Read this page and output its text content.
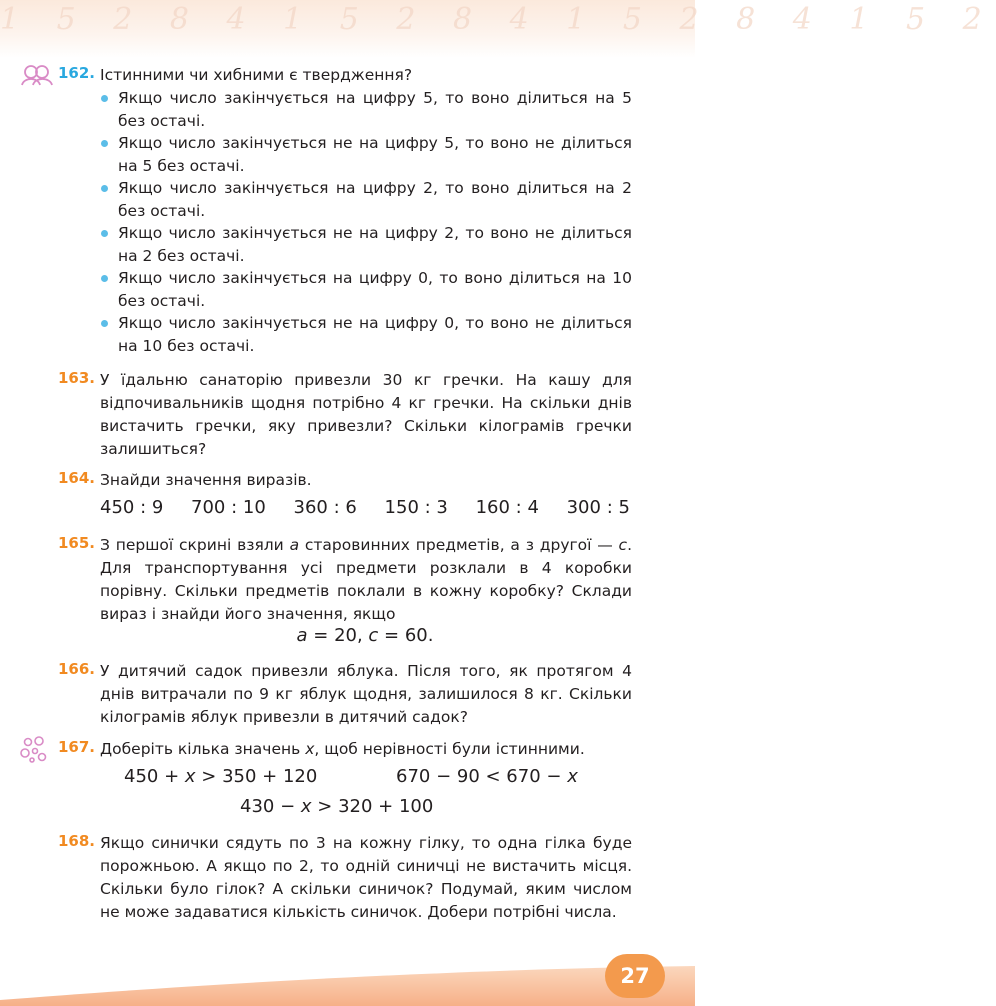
1 5 2 8 4 1 5 2 8 4 1 5 2 8 4 1 5 2
162. Істинними чи хибними є твердження?
Якщо число закінчується на цифру 5, то воно ділиться на 5 без остачі.
Якщо число закінчується не на цифру 5, то воно не ділиться на 5 без остачі.
Якщо число закінчується на цифру 2, то воно ділиться на 2 без остачі.
Якщо число закінчується не на цифру 2, то воно не ділиться на 2 без остачі.
Якщо число закінчується на цифру 0, то воно ділиться на 10 без остачі.
Якщо число закінчується не на цифру 0, то воно не ділиться на 10 без остачі.
163. У їдальню санаторію привезли 30 кг гречки. На кашу для відпочивальників щодня потрібно 4 кг гречки. На скільки днів вистачить гречки, яку привезли? Скільки кілограмів гречки залишиться?
164. Знайди значення виразів.
450 : 9 700 : 10 360 : 6 150 : 3 160 : 4 300 : 5
165. З першої скрині взяли а старовинних предметів, а з другої — с. Для транспортування усі предмети розклали в 4 коробки порівну. Скільки предметів поклали в кожну коробку? Склади вираз і знайди його значення, якщо
а = 20, с = 60.
166. У дитячий садок привезли яблука. Після того, як протягом 4 днів витрачали по 9 кг яблук щодня, залишилося 8 кг. Скільки кілограмів яблук привезли в дитячий садок?
167. Доберіть кілька значень х, щоб нерівності були істинними.
450 + х > 350 + 120	670 − 90 < 670 − х
430 − х > 320 + 100
168. Якщо синички сядуть по 3 на кожну гілку, то одна гілка буде порожньою. А якщо по 2, то одній синичці не вистачить місця. Скільки було гілок? А скільки синичок? Подумай, яким числом не може задаватися кількість синичок. Добери потрібні числа.
27
